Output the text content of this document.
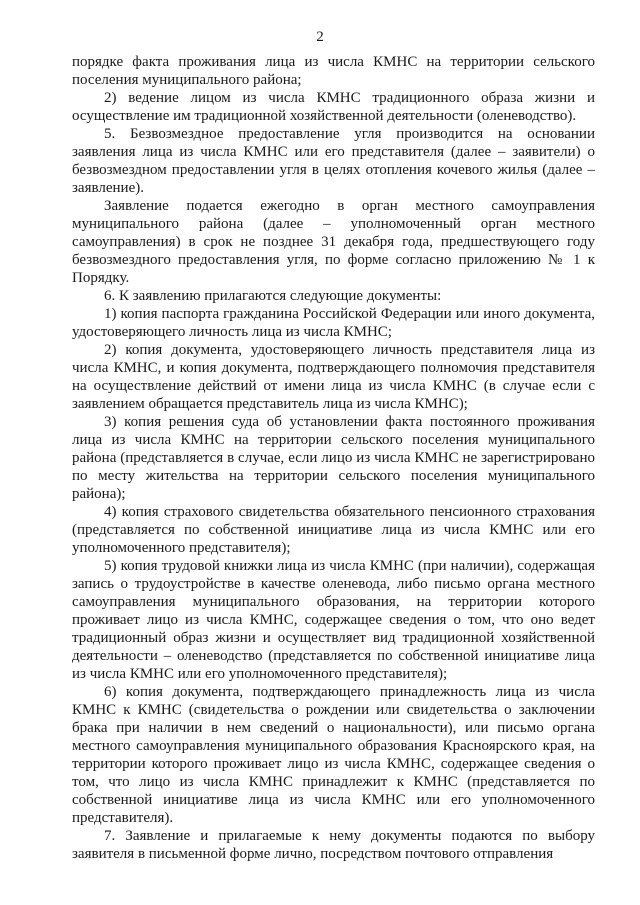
2

порядке факта проживания лица из числа КМНС на территории сельского поселения муниципального района;

2) ведение лицом из числа КМНС традиционного образа жизни и осуществление им традиционной хозяйственной деятельности (оленеводство).

5. Безвозмездное предоставление угля производится на основании заявления лица из числа КМНС или его представителя (далее – заявители) о безвозмездном предоставлении угля в целях отопления кочевого жилья (далее – заявление).

Заявление подается ежегодно в орган местного самоуправления муниципального района (далее – уполномоченный орган местного самоуправления) в срок не позднее 31 декабря года, предшествующего году безвозмездного предоставления угля, по форме согласно приложению № 1 к Порядку.

6. К заявлению прилагаются следующие документы:

1) копия паспорта гражданина Российской Федерации или иного документа, удостоверяющего личность лица из числа КМНС;

2) копия документа, удостоверяющего личность представителя лица из числа КМНС, и копия документа, подтверждающего полномочия представителя на осуществление действий от имени лица из числа КМНС (в случае если с заявлением обращается представитель лица из числа КМНС);

3) копия решения суда об установлении факта постоянного проживания лица из числа КМНС на территории сельского поселения муниципального района (представляется в случае, если лицо из числа КМНС не зарегистрировано по месту жительства на территории сельского поселения муниципального района);

4) копия страхового свидетельства обязательного пенсионного страхования (представляется по собственной инициативе лица из числа КМНС или его уполномоченного представителя);

5) копия трудовой книжки лица из числа КМНС (при наличии), содержащая запись о трудоустройстве в качестве оленевода, либо письмо органа местного самоуправления муниципального образования, на территории которого проживает лицо из числа КМНС, содержащее сведения о том, что оно ведет традиционный образ жизни и осуществляет вид традиционной хозяйственной деятельности – оленеводство (представляется по собственной инициативе лица из числа КМНС или его уполномоченного представителя);

6) копия документа, подтверждающего принадлежность лица из числа КМНС к КМНС (свидетельства о рождении или свидетельства о заключении брака при наличии в нем сведений о национальности), или письмо органа местного самоуправления муниципального образования Красноярского края, на территории которого проживает лицо из числа КМНС, содержащее сведения о том, что лицо из числа КМНС принадлежит к КМНС (представляется по собственной инициативе лица из числа КМНС или его уполномоченного представителя).

7. Заявление и прилагаемые к нему документы подаются по выбору заявителя в письменной форме лично, посредством почтового отправления
